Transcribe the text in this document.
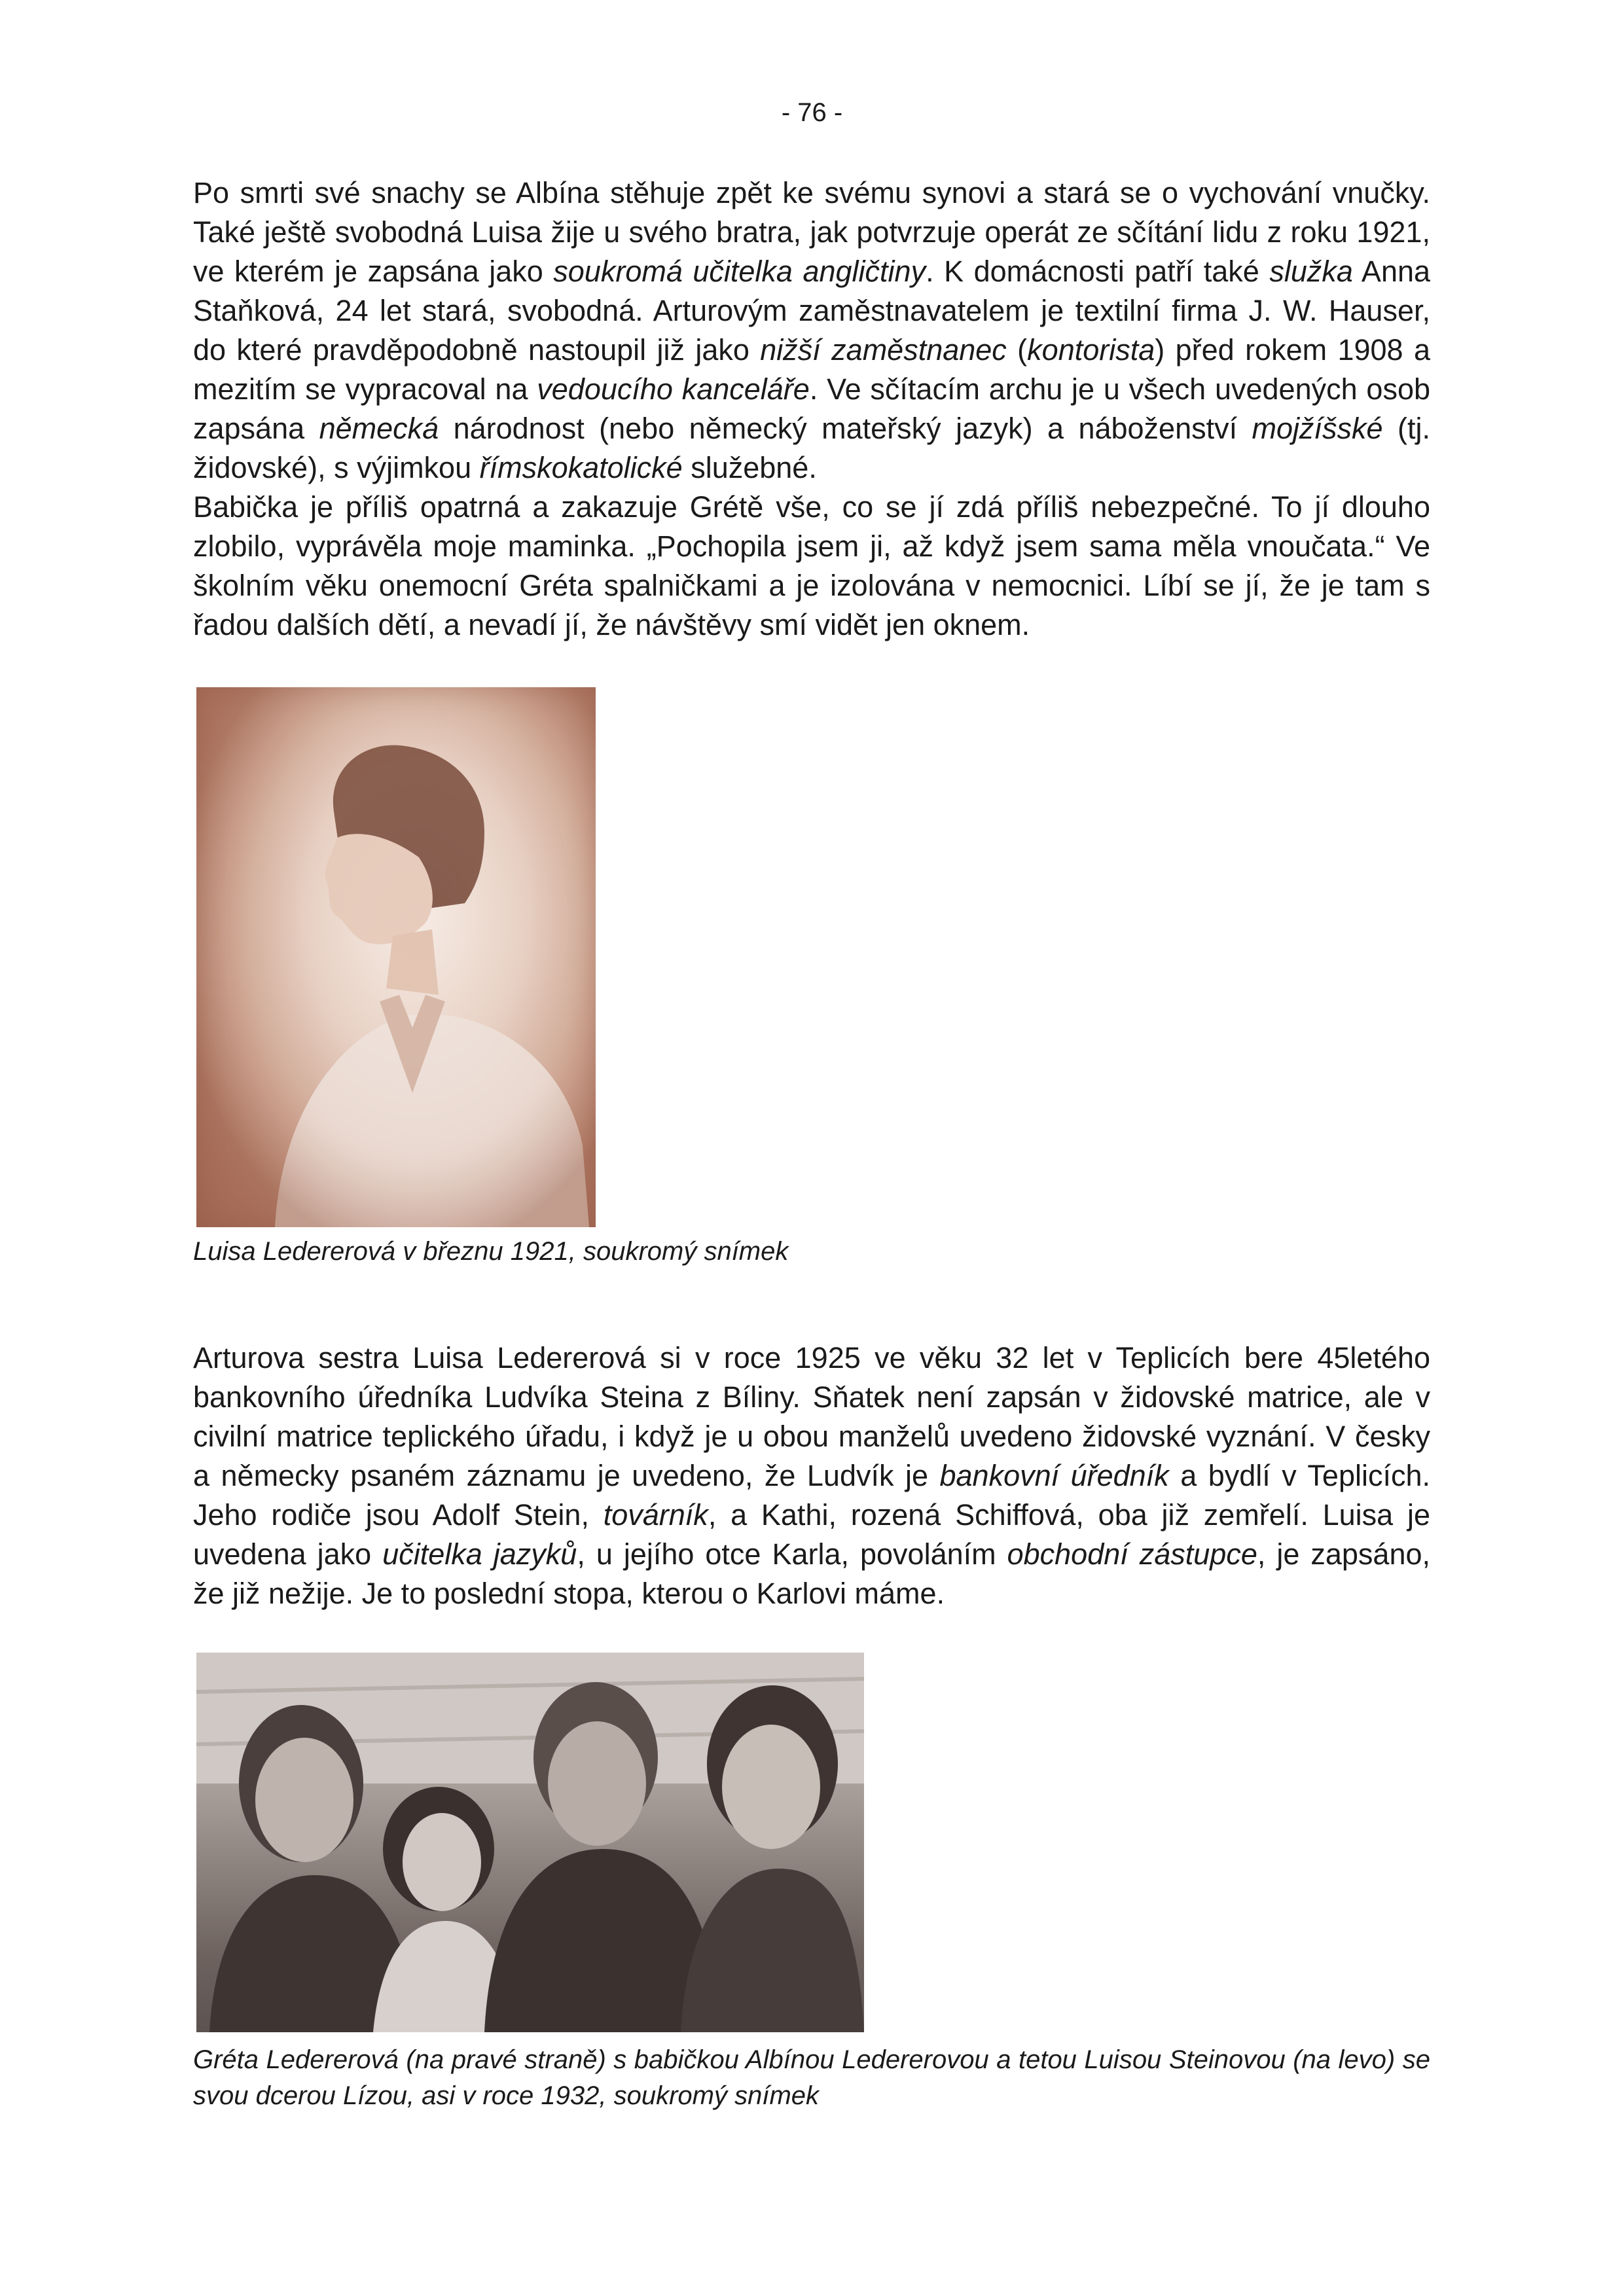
- 76 -

Po smrti své snachy se Albína stěhuje zpět ke svému synovi a stará se o vychování vnučky. Také ještě svobodná Luisa žije u svého bratra, jak potvrzuje operát ze sčítání lidu z roku 1921, ve kterém je zapsána jako soukromá učitelka angličtiny. K domácnosti patří také služka Anna Staňková, 24 let stará, svobodná. Arturovým zaměstnavatelem je textilní firma J. W. Hauser, do které pravděpodobně nastoupil již jako nižší zaměstnanec (kontorista) před rokem 1908 a mezitím se vypracoval na vedoucího kanceláře. Ve sčítacím archu je u všech uvedených osob zapsána německá národnost (nebo německý mateřský jazyk) a náboženství mojžíšské (tj. židovské), s výjimkou římskokatolické služebné.

Babička je příliš opatrná a zakazuje Grétě vše, co se jí zdá příliš nebezpečné. To jí dlouho zlobilo, vyprávěla moje maminka. „Pochopila jsem ji, až když jsem sama měla vnoučata.“ Ve školním věku onemocní Gréta spalničkami a je izolována v nemocnici. Líbí se jí, že je tam s řadou dalších dětí, a nevadí jí, že návštěvy smí vidět jen oknem.

Luisa Ledererová v březnu 1921, soukromý snímek

Arturova sestra Luisa Ledererová si v roce 1925 ve věku 32 let v Teplicích bere 45letého bankovního úředníka Ludvíka Steina z Bíliny. Sňatek není zapsán v židovské matrice, ale v civilní matrice teplického úřadu, i když je u obou manželů uvedeno židovské vyznání. V česky a německy psaném záznamu je uvedeno, že Ludvík je bankovní úředník a bydlí v Teplicích. Jeho rodiče jsou Adolf Stein, továrník, a Kathi, rozená Schiffová, oba již zemřelí. Luisa je uvedena jako učitelka jazyků, u jejího otce Karla, povoláním obchodní zástupce, je zapsáno, že již nežije. Je to poslední stopa, kterou o Karlovi máme.

Gréta Ledererová (na pravé straně) s babičkou Albínou Ledererovou a tetou Luisou Steinovou (na levo) se svou dcerou Lízou, asi v roce 1932, soukromý snímek
